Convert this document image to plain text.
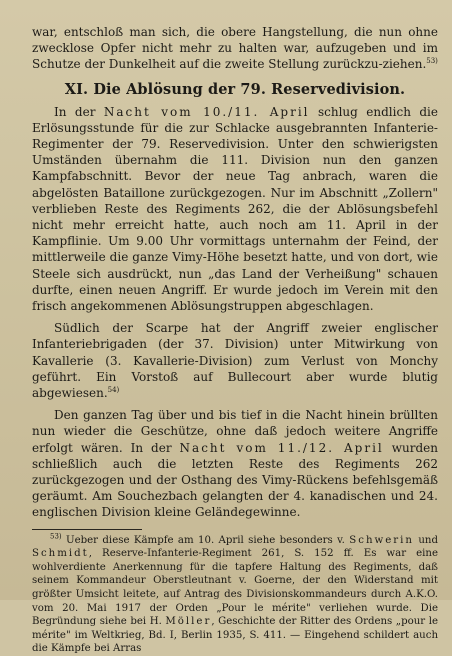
war, entschloß man sich, die obere Hangstellung, die nun ohne zwecklose Opfer nicht mehr zu halten war, aufzugeben und im Schutze der Dunkelheit auf die zweite Stellung zurückzu-ziehen.$^{53)}$

XI. Die Ablösung der 79. Reservedivision.

In der Nacht vom 10./11. April schlug endlich die Erlösungsstunde für die zur Schlacke ausgebrannten Infanterie-Regimenter der 79. Reservedivision. Unter den schwierigsten Umständen übernahm die 111. Division nun den ganzen Kampfabschnitt. Bevor der neue Tag anbrach, waren die abgelösten Bataillone zurückgezogen. Nur im Abschnitt „Zollern" verblieben Reste des Regiments 262, die der Ablösungsbefehl nicht mehr erreicht hatte, auch noch am 11. April in der Kampflinie. Um 9.00 Uhr vormittags unternahm der Feind, der mittlerweile die ganze Vimy-Höhe besetzt hatte, und von dort, wie Steele sich ausdrückt, nun „das Land der Verheißung" schauen durfte, einen neuen Angriff. Er wurde jedoch im Verein mit den frisch angekommenen Ablösungstruppen abgeschlagen.

Südlich der Scarpe hat der Angriff zweier englischer Infanteriebrigaden (der 37. Division) unter Mitwirkung von Kavallerie (3. Kavallerie-Division) zum Verlust von Monchy geführt. Ein Vorstoß auf Bullecourt aber wurde blutig abgewiesen.$^{54)}$

Den ganzen Tag über und bis tief in die Nacht hinein brüllten nun wieder die Geschütze, ohne daß jedoch weitere Angriffe erfolgt wären. In der Nacht vom 11./12. April wurden schließlich auch die letzten Reste des Regiments 262 zurückgezogen und der Osthang des Vimy-Rückens befehlsgemäß geräumt. Am Souchezbach gelangten der 4. kanadischen und 24. englischen Division kleine Geländegewinne.

$^{53)}$ Ueber diese Kämpfe am 10. April siehe besonders v. Schwerin und Schmidt, Reserve-Infanterie-Regiment 261, S. 152 ff. Es war eine wohlverdiente Anerkennung für die tapfere Haltung des Regiments, daß seinem Kommandeur Oberstleutnant v. Goerne, der den Widerstand mit größter Umsicht leitete, auf Antrag des Divisionskommandeurs durch A.K.O. vom 20. Mai 1917 der Orden „Pour le mérite" verliehen wurde. Die Begründung siehe bei H. Möller, Geschichte der Ritter des Ordens „pour le mérite" im Weltkrieg, Bd. I, Berlin 1935, S. 411. — Eingehend schildert auch die Kämpfe bei Arras
